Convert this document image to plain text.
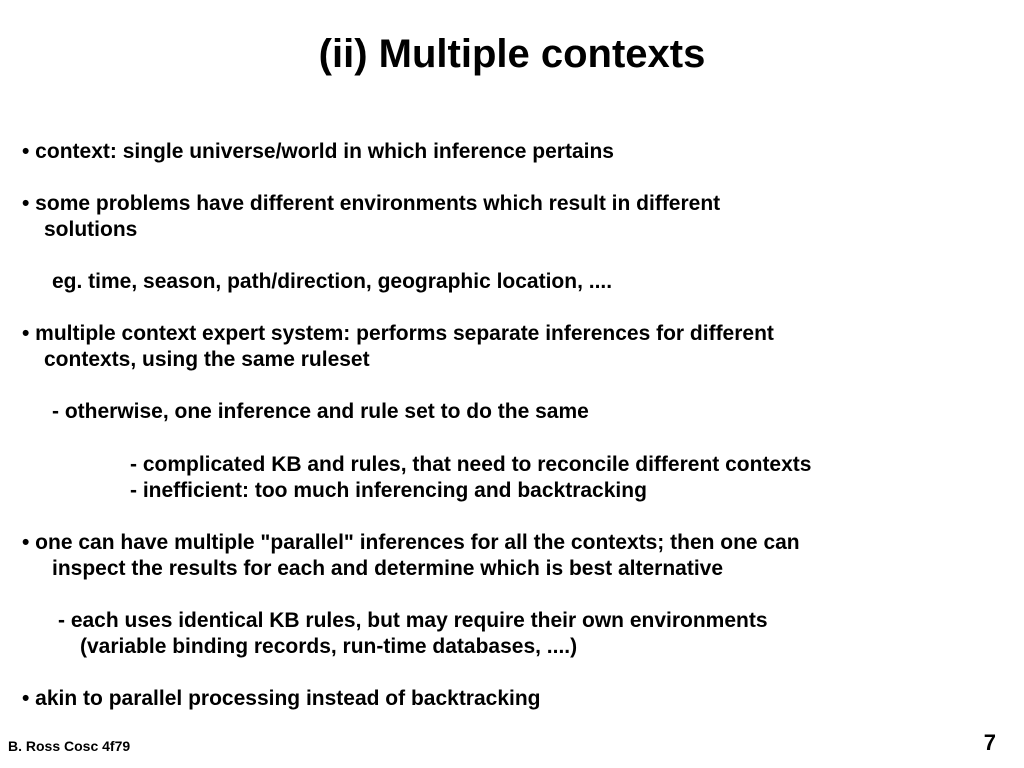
(ii) Multiple contexts
• context: single universe/world in which inference pertains
• some problems have different environments which result in different
solutions
eg. time, season, path/direction, geographic location, ....
• multiple context expert system: performs separate inferences for different
contexts, using the same ruleset
- otherwise, one inference and rule set to do the same
- complicated KB and rules, that need to reconcile different contexts
- inefficient: too much inferencing and backtracking
• one can have multiple "parallel" inferences for all the contexts; then one can
inspect the results for each and determine which is best alternative
- each uses identical KB rules, but may require their own environments
(variable binding records, run-time databases, ....)
• akin to parallel processing instead of backtracking
B. Ross Cosc 4f79	7
